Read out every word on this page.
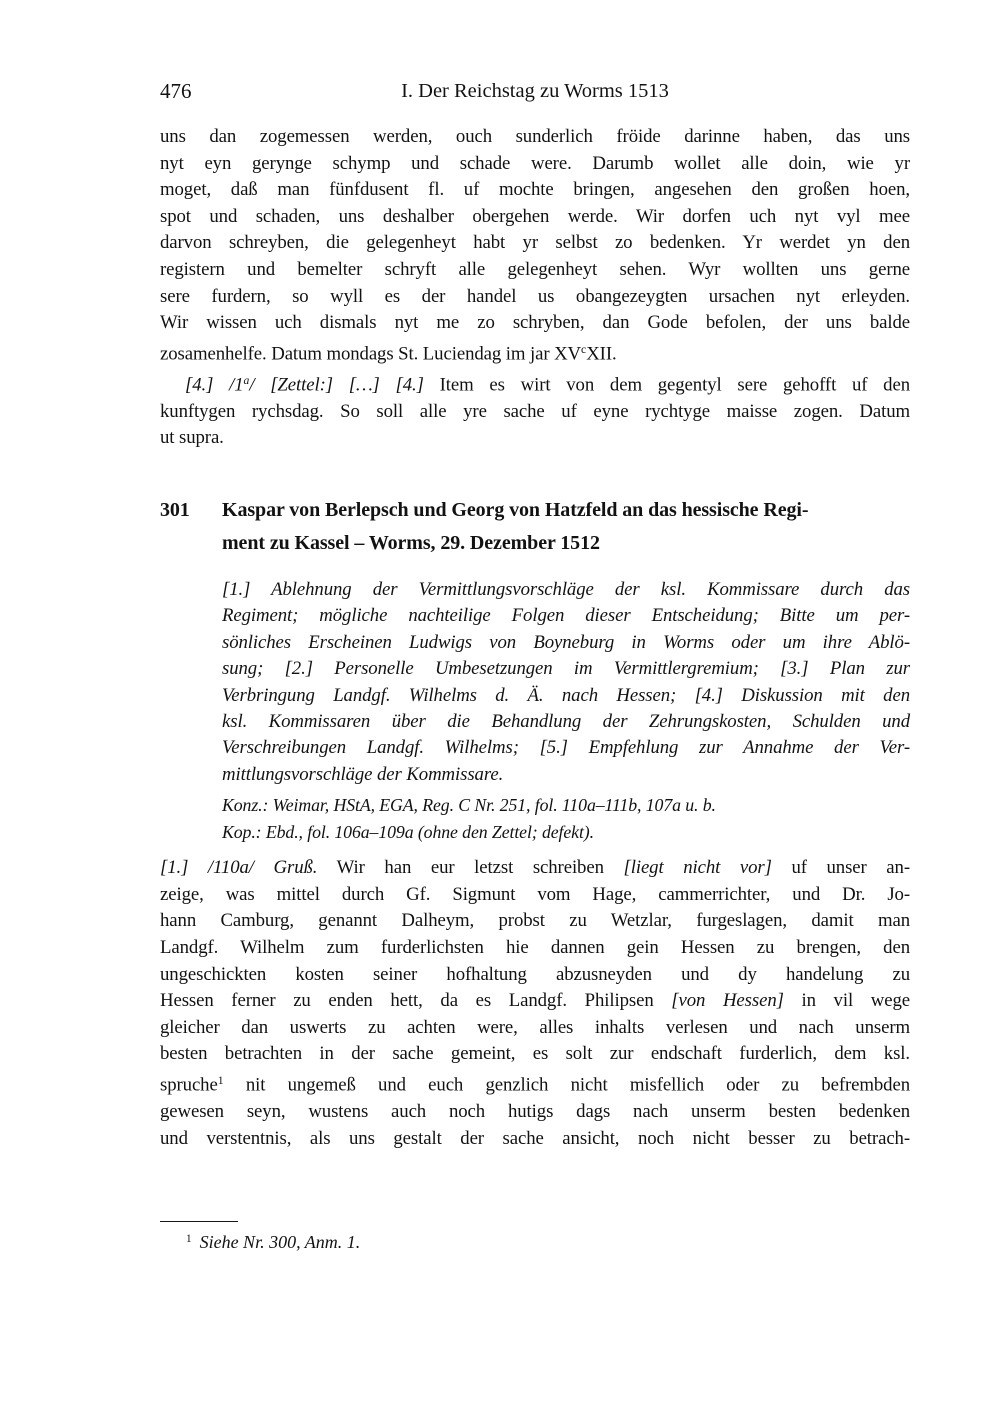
476	I. Der Reichstag zu Worms 1513
uns dan zogemessen werden, ouch sunderlich fröide darinne haben, das uns
nyt eyn gerynge schymp und schade were. Darumb wollet alle doin, wie yr
moget, daß man fünfdusent fl. uf mochte bringen, angesehen den großen hoen,
spot und schaden, uns deshalber obergehen werde. Wir dorfen uch nyt vyl mee
darvon schreyben, die gelegenheyt habt yr selbst zo bedenken. Yr werdet yn den
registern und bemelter schryft alle gelegenheyt sehen. Wyr wollten uns gerne
sere furdern, so wyll es der handel us obangezeygten ursachen nyt erleyden.
Wir wissen uch dismals nyt me zo schryben, dan Gode befolen, der uns balde
zosamenhelfe. Datum mondags St. Luciendag im jar $XV^cXII$.
[4.] /1$^a$/ [Zettel:] […] [4.] Item es wirt von dem gegentyl sere gehofft uf den
kunftygen rychsdag. So soll alle yre sache uf eyne rychtyge maisse zogen. Datum
ut supra.
301	Kaspar von Berlepsch und Georg von Hatzfeld an das hessische Regi-
ment zu Kassel – Worms, 29. Dezember 1512
[1.] Ablehnung der Vermittlungsvorschläge der ksl. Kommissare durch das
Regiment; mögliche nachteilige Folgen dieser Entscheidung; Bitte um per-
sönliches Erscheinen Ludwigs von Boyneburg in Worms oder um ihre Ablö-
sung; [2.] Personelle Umbesetzungen im Vermittlergremium; [3.] Plan zur
Verbringung Landgf. Wilhelms d. Ä. nach Hessen; [4.] Diskussion mit den
ksl. Kommissaren über die Behandlung der Zehrungskosten, Schulden und
Verschreibungen Landgf. Wilhelms; [5.] Empfehlung zur Annahme der Ver-
mittlungsvorschläge der Kommissare.
Konz.: Weimar, HStA, EGA, Reg. C Nr. 251, fol. 110a–111b, 107a u. b.
Kop.: Ebd., fol. 106a–109a (ohne den Zettel; defekt).
[1.] /110a/ Gruß. Wir han eur letzst schreiben [liegt nicht vor] uf unser an-
zeige, was mittel durch Gf. Sigmunt vom Hage, cammerrichter, und Dr. Jo-
hann Camburg, genannt Dalheym, probst zu Wetzlar, furgeslagen, damit man
Landgf. Wilhelm zum furderlichsten hie dannen gein Hessen zu brengen, den
ungeschickten kosten seiner hofhaltung abzusneyden und dy handelung zu
Hessen ferner zu enden hett, da es Landgf. Philipsen [von Hessen] in vil wege
gleicher dan uswerts zu achten were, alles inhalts verlesen und nach unserm
besten betrachten in der sache gemeint, es solt zur endschaft furderlich, dem ksl.
spruche$^1$ nit ungemeß und euch genzlich nicht misfellich oder zu befrembden
gewesen seyn, wustens auch noch hutigs dags nach unserm besten bedenken
und verstentnis, als uns gestalt der sache ansicht, noch nicht besser zu betrach-
$^1$ Siehe Nr. 300, Anm. 1.
